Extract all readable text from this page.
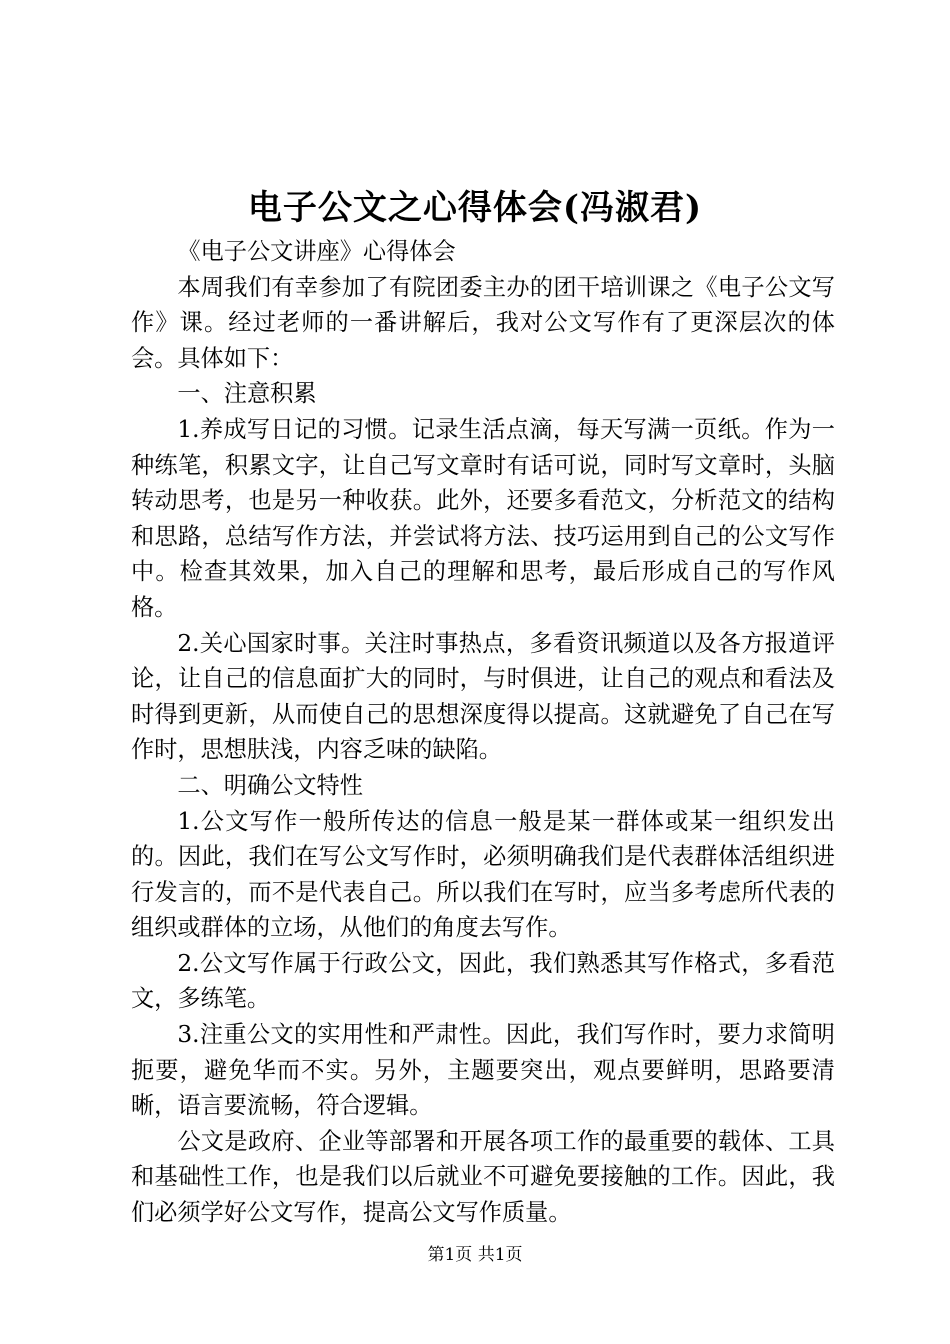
电子公文之心得体会(冯淑君)

《电子公文讲座》心得体会

本周我们有幸参加了有院团委主办的团干培训课之《电子公文写作》课。经过老师的一番讲解后，我对公文写作有了更深层次的体会。具体如下：

一、注意积累

1.养成写日记的习惯。记录生活点滴，每天写满一页纸。作为一种练笔，积累文字，让自己写文章时有话可说，同时写文章时，头脑转动思考，也是另一种收获。此外，还要多看范文，分析范文的结构和思路，总结写作方法，并尝试将方法、技巧运用到自己的公文写作中。检查其效果，加入自己的理解和思考，最后形成自己的写作风格。

2.关心国家时事。关注时事热点，多看资讯频道以及各方报道评论，让自己的信息面扩大的同时，与时俱进，让自己的观点和看法及时得到更新，从而使自己的思想深度得以提高。这就避免了自己在写作时，思想肤浅，内容乏味的缺陷。

二、明确公文特性

1.公文写作一般所传达的信息一般是某一群体或某一组织发出的。因此，我们在写公文写作时，必须明确我们是代表群体活组织进行发言的，而不是代表自己。所以我们在写时，应当多考虑所代表的组织或群体的立场，从他们的角度去写作。

2.公文写作属于行政公文，因此，我们熟悉其写作格式，多看范文，多练笔。

3.注重公文的实用性和严肃性。因此，我们写作时，要力求简明扼要，避免华而不实。另外，主题要突出，观点要鲜明，思路要清晰，语言要流畅，符合逻辑。

公文是政府、企业等部署和开展各项工作的最重要的载体、工具和基础性工作，也是我们以后就业不可避免要接触的工作。因此，我们必须学好公文写作，提高公文写作质量。

第1页 共1页
